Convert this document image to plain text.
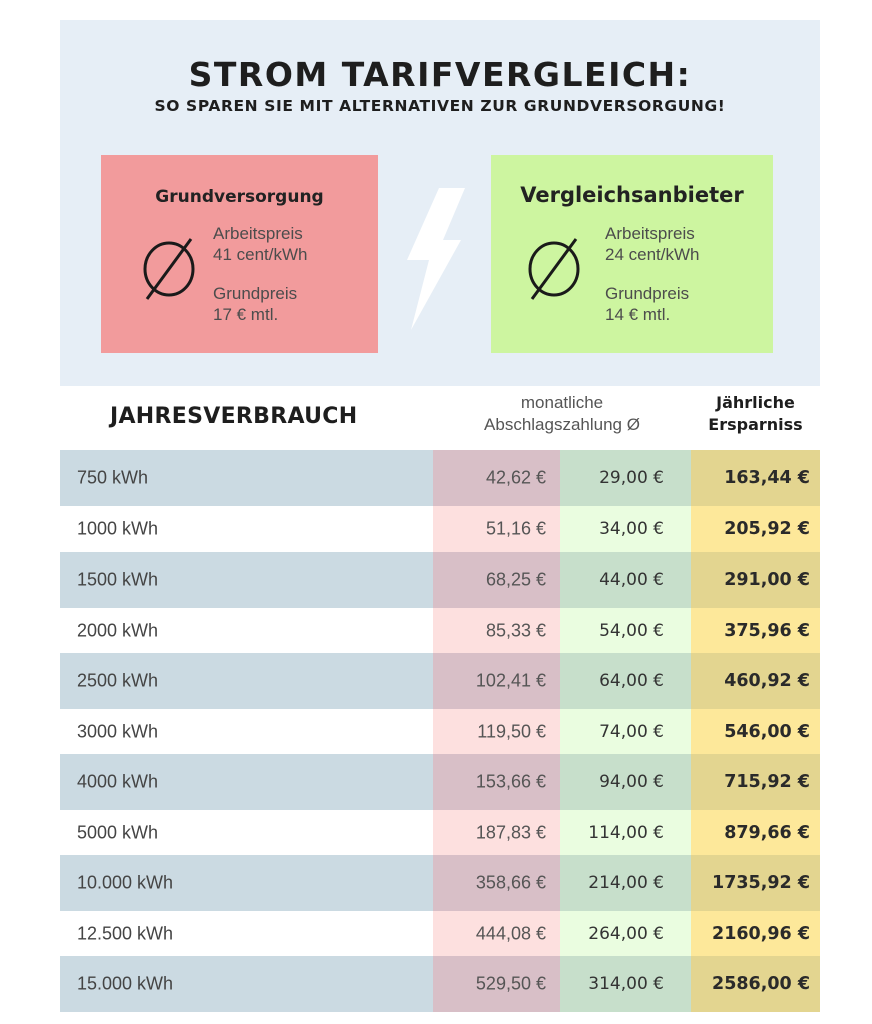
STROM TARIFVERGLEICH:
SO SPAREN SIE MIT ALTERNATIVEN ZUR GRUNDVERSORGUNG!
Grundversorgung
Arbeitspreis
41 cent/kWh
Grundpreis
17 € mtl.
Vergleichsanbieter
Arbeitspreis
24 cent/kWh
Grundpreis
14 € mtl.
JAHRESVERBRAUCH
monatliche
Abschlagszahlung Ø
Jährliche
Ersparniss
750 kWh	42,62 €	29,00 €	163,44 €
1000 kWh	51,16 €	34,00 €	205,92 €
1500 kWh	68,25 €	44,00 €	291,00 €
2000 kWh	85,33 €	54,00 €	375,96 €
2500 kWh	102,41 €	64,00 €	460,92 €
3000 kWh	119,50 €	74,00 €	546,00 €
4000 kWh	153,66 €	94,00 €	715,92 €
5000 kWh	187,83 € 114,00 €	879,66 €
10.000 kWh	358,66 € 214,00 €	1735,92 €
12.500 kWh	444,08 € 264,00 €	2160,96 €
15.000 kWh	529,50 € 314,00 €	2586,00 €
